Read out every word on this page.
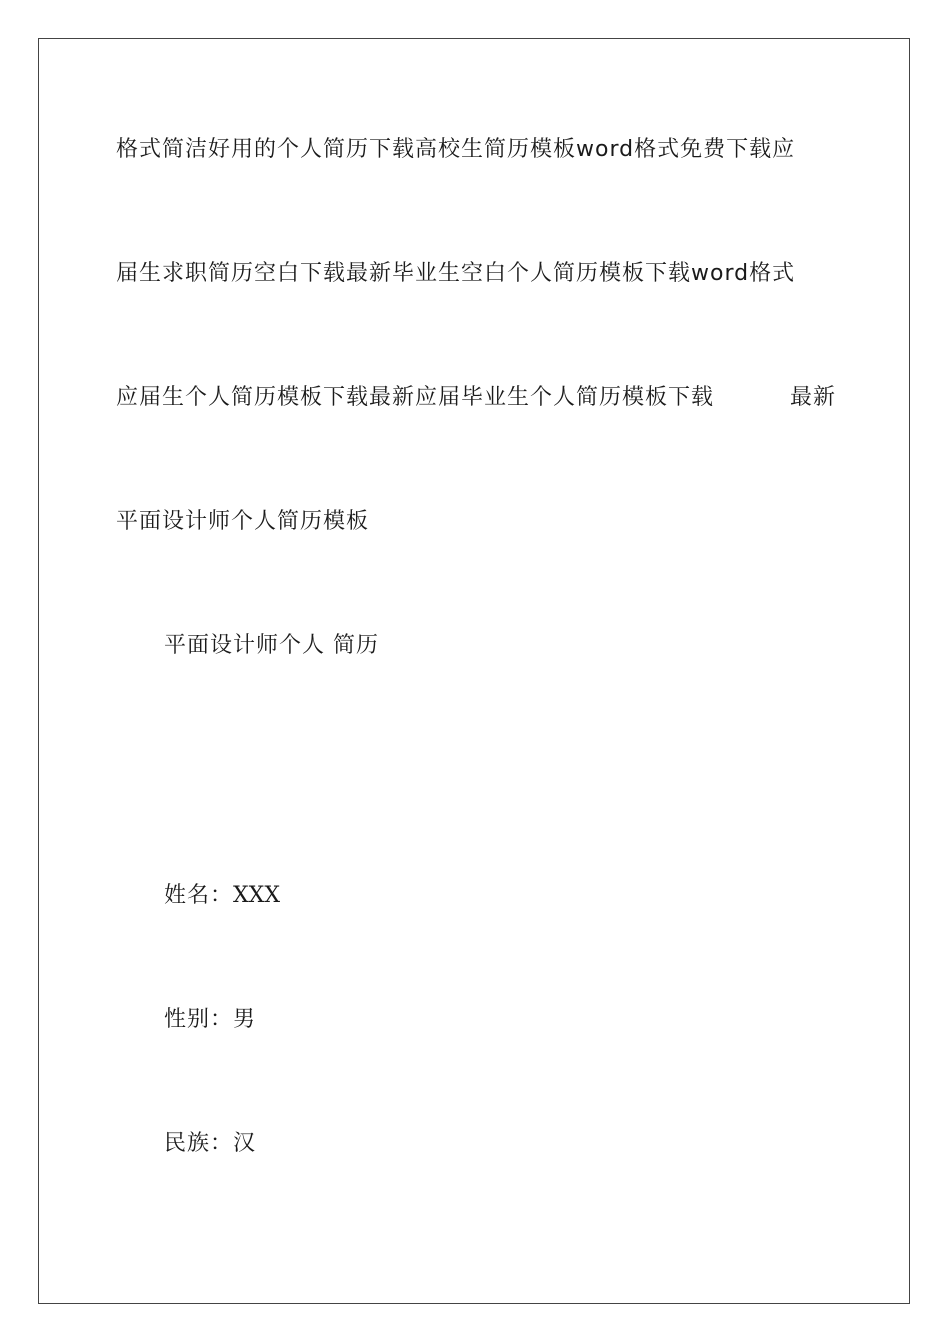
格式简洁好用的个人简历下载高校生简历模板word格式免费下载应
届生求职简历空白下载最新毕业生空白个人简历模板下载word格式
应届生个人简历模板下载最新应届毕业生个人简历模板下载	最新
平面设计师个人简历模板
平面设计师个人 简历
姓名：XXX
性别：男
民族：汉
